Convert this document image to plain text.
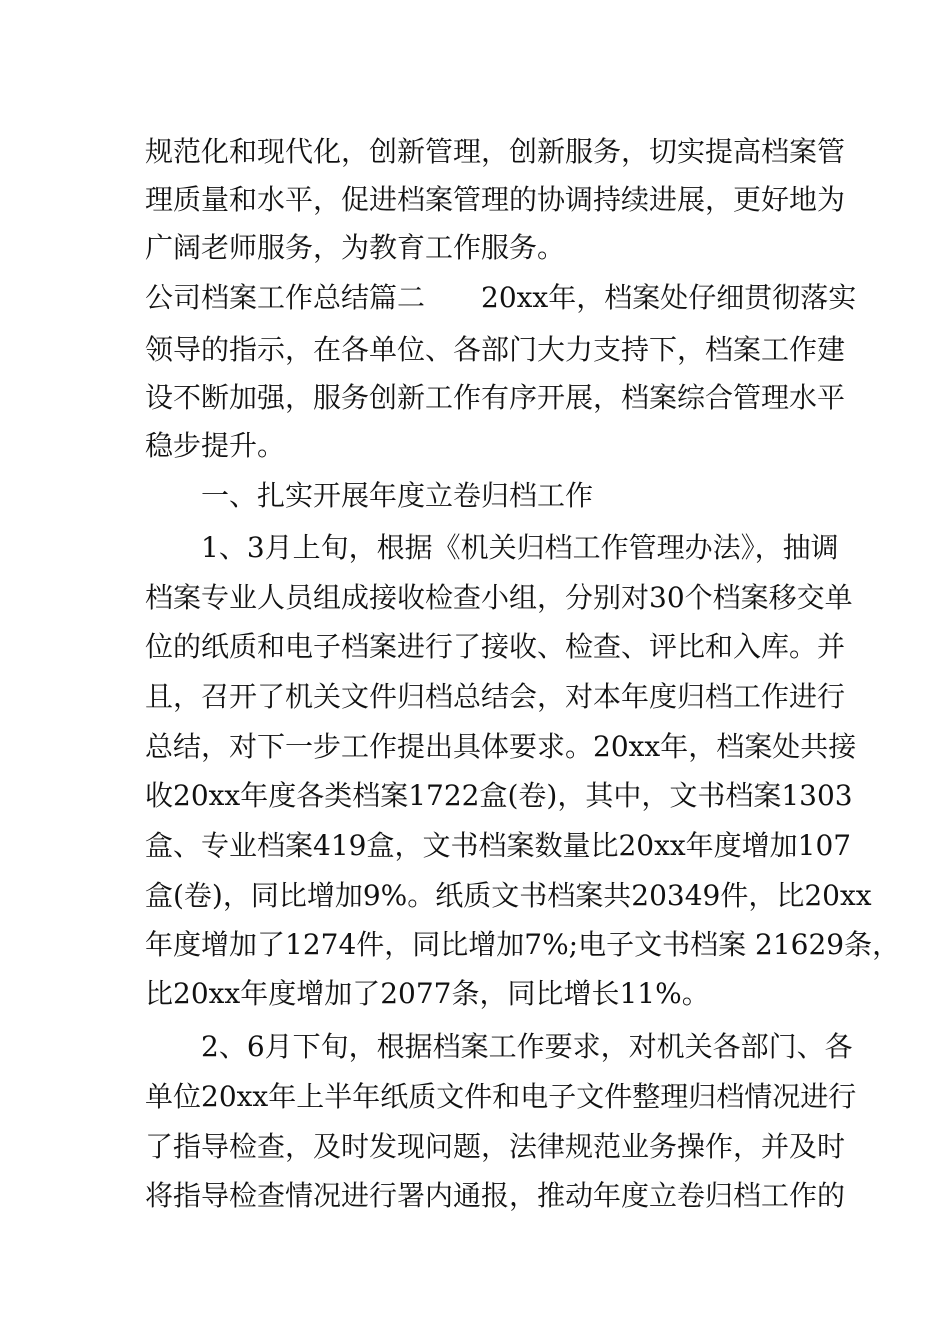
规范化和现代化，创新管理，创新服务，切实提高档案管

理质量和水平，促进档案管理的协调持续进展，更好地为

广阔老师服务，为教育工作服务。

公司档案工作总结篇二　　20xx年，档案处仔细贯彻落实

领导的指示，在各单位、各部门大力支持下，档案工作建

设不断加强，服务创新工作有序开展，档案综合管理水平

稳步提升。

一、扎实开展年度立卷归档工作

1、3月上旬，根据《机关归档工作管理办法》，抽调

档案专业人员组成接收检查小组，分别对30个档案移交单

位的纸质和电子档案进行了接收、检查、评比和入库。并

且，召开了机关文件归档总结会，对本年度归档工作进行

总结，对下一步工作提出具体要求。20xx年，档案处共接

收20xx年度各类档案1722盒(卷)，其中，文书档案1303

盒、专业档案419盒，文书档案数量比20xx年度增加107

盒(卷)，同比增加9%。纸质文书档案共20349件，比20xx

年度增加了1274件，同比增加7%;电子文书档案 21629条，

比20xx年度增加了2077条，同比增长11%。

2、6月下旬，根据档案工作要求，对机关各部门、各

单位20xx年上半年纸质文件和电子文件整理归档情况进行

了指导检查，及时发现问题，法律规范业务操作，并及时

将指导检查情况进行署内通报，推动年度立卷归档工作的
